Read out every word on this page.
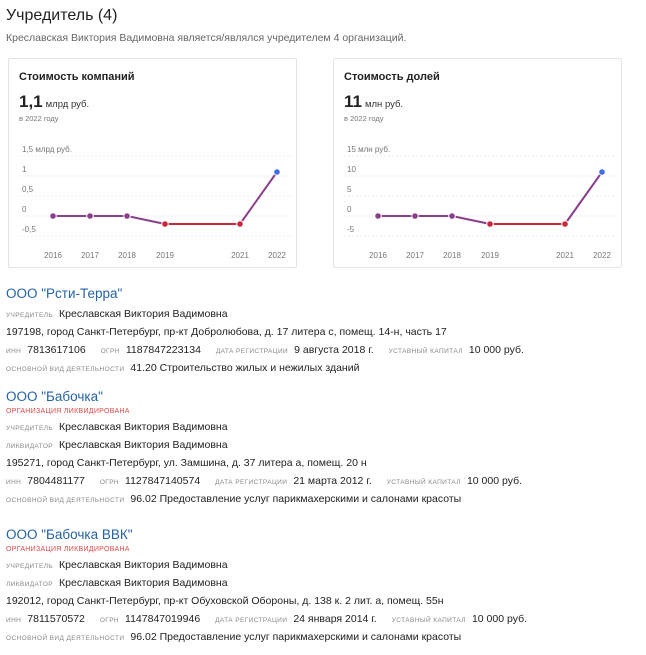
Учредитель (4)
Креславская Виктория Вадимовна является/являлся учредителем 4 организаций.
Стоимость компаний
1,1 млрд руб.
в 2022 году
1,5 млрд руб.
1
0,5
0
-0,5
2016 2017 2018	2019	2021 2022
Стоимость долей
11 млн руб.
в 2022 году
15 млн руб.
10
5
0
-5
2016 2017 2018	2019	2021 2022
ООО "Рсти-Терра"
УЧРЕДИТЕЛЬ Креславская Виктория Вадимовна
197198, город Санкт-Петербург, пр-кт Добролюбова, д. 17 литера с, помещ. 14-н, часть 17
ИНН 7813617106 ОГРН 1187847223134 ДАТА РЕГИСТРАЦИИ 9 августа 2018 г. УСТАВНЫЙ КАПИТАЛ 10 000 руб.
ОСНОВНОЙ ВИД ДЕЯТЕЛЬНОСТИ 41.20 Строительство жилых и нежилых зданий
ООО "Бабочка"
ОРГАНИЗАЦИЯ ЛИКВИДИРОВАНА
УЧРЕДИТЕЛЬ Креславская Виктория Вадимовна
ЛИКВИДАТОР Креславская Виктория Вадимовна
195271, город Санкт-Петербург, ул. Замшина, д. 37 литера а, помещ. 20 н
ИНН 7804481177 ОГРН 1127847140574 ДАТА РЕГИСТРАЦИИ 21 марта 2012 г. УСТАВНЫЙ КАПИТАЛ 10 000 руб.
ОСНОВНОЙ ВИД ДЕЯТЕЛЬНОСТИ 96.02 Предоставление услуг парикмахерскими и салонами красоты
ООО "Бабочка ВВК"
ОРГАНИЗАЦИЯ ЛИКВИДИРОВАНА
УЧРЕДИТЕЛЬ Креславская Виктория Вадимовна
ЛИКВИДАТОР Креславская Виктория Вадимовна
192012, город Санкт-Петербург, пр-кт Обуховской Обороны, д. 138 к. 2 лит. а, помещ. 55н
ИНН 7811570572 ОГРН 1147847019946 ДАТА РЕГИСТРАЦИИ 24 января 2014 г. УСТАВНЫЙ КАПИТАЛ 10 000 руб.
ОСНОВНОЙ ВИД ДЕЯТЕЛЬНОСТИ 96.02 Предоставление услуг парикмахерскими и салонами красоты
